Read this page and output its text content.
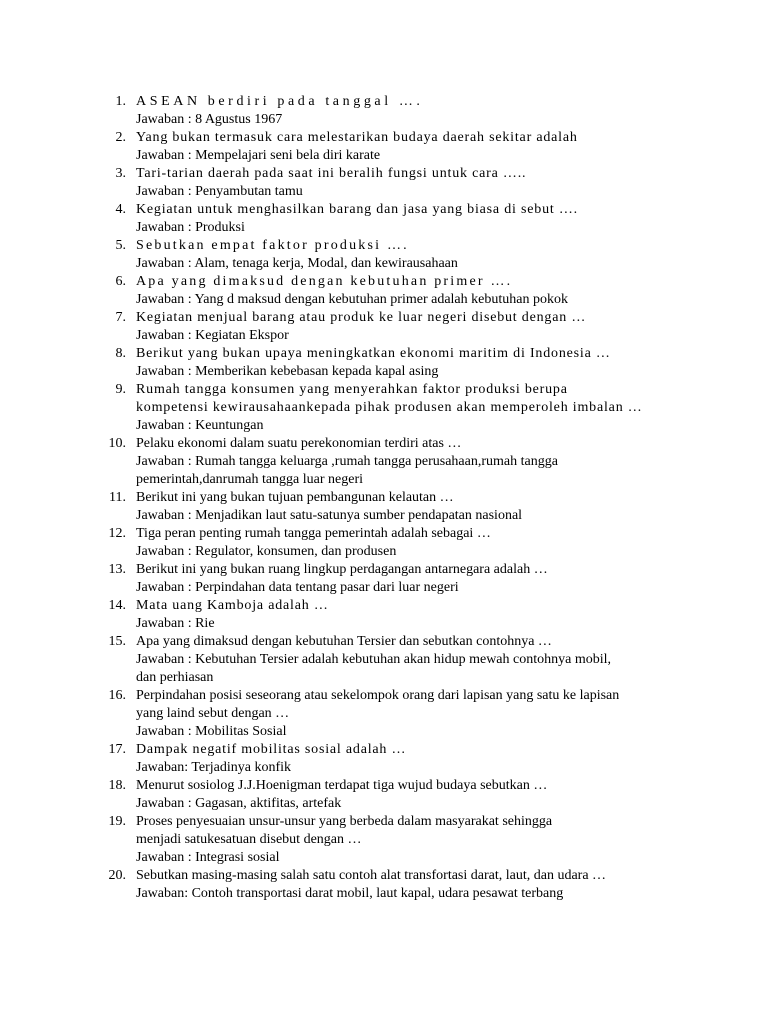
1. ASEAN berdiri pada tanggal ….
Jawaban : 8 Agustus 1967
2. Yang bukan termasuk cara melestarikan budaya daerah sekitar adalah
Jawaban : Mempelajari seni bela diri karate
3. Tari-tarian daerah pada saat ini beralih fungsi untuk cara …..
Jawaban : Penyambutan tamu
4. Kegiatan untuk menghasilkan barang dan jasa yang biasa di sebut ….
Jawaban : Produksi
5. Sebutkan empat faktor produksi ….
Jawaban : Alam, tenaga kerja, Modal, dan kewirausahaan
6. Apa yang dimaksud dengan kebutuhan primer ….
Jawaban : Yang d maksud dengan kebutuhan primer adalah kebutuhan pokok
7. Kegiatan menjual barang atau produk ke luar negeri disebut dengan …
Jawaban : Kegiatan Ekspor
8. Berikut yang bukan upaya meningkatkan ekonomi maritim di Indonesia …
Jawaban : Memberikan kebebasan kepada kapal asing
9. Rumah tangga konsumen yang menyerahkan faktor produksi berupa
kompetensi kewirausahaankepada pihak produsen akan memperoleh imbalan …
Jawaban : Keuntungan
10. Pelaku ekonomi dalam suatu perekonomian terdiri atas …
Jawaban : Rumah tangga keluarga ,rumah tangga perusahaan,rumah tangga
pemerintah,danrumah tangga luar negeri
11. Berikut ini yang bukan tujuan pembangunan kelautan …
Jawaban : Menjadikan laut satu-satunya sumber pendapatan nasional
12. Tiga peran penting rumah tangga pemerintah adalah sebagai …
Jawaban : Regulator, konsumen, dan produsen
13. Berikut ini yang bukan ruang lingkup perdagangan antarnegara adalah …
Jawaban : Perpindahan data tentang pasar dari luar negeri
14. Mata uang Kamboja adalah …
Jawaban : Rie
15. Apa yang dimaksud dengan kebutuhan Tersier dan sebutkan contohnya …
Jawaban : Kebutuhan Tersier adalah kebutuhan akan hidup mewah contohnya mobil,
dan perhiasan
16. Perpindahan posisi seseorang atau sekelompok orang dari lapisan yang satu ke lapisan
yang laind sebut dengan …
Jawaban : Mobilitas Sosial
17. Dampak negatif mobilitas sosial adalah …
Jawaban: Terjadinya konfik
18. Menurut sosiolog J.J.Hoenigman terdapat tiga wujud budaya sebutkan …
Jawaban : Gagasan, aktifitas, artefak
19. Proses penyesuaian unsur-unsur yang berbeda dalam masyarakat sehingga
menjadi satukesatuan disebut dengan …
Jawaban : Integrasi sosial
20. Sebutkan masing-masing salah satu contoh alat transfortasi darat, laut, dan udara …
Jawaban: Contoh transportasi darat mobil, laut kapal, udara pesawat terbang
